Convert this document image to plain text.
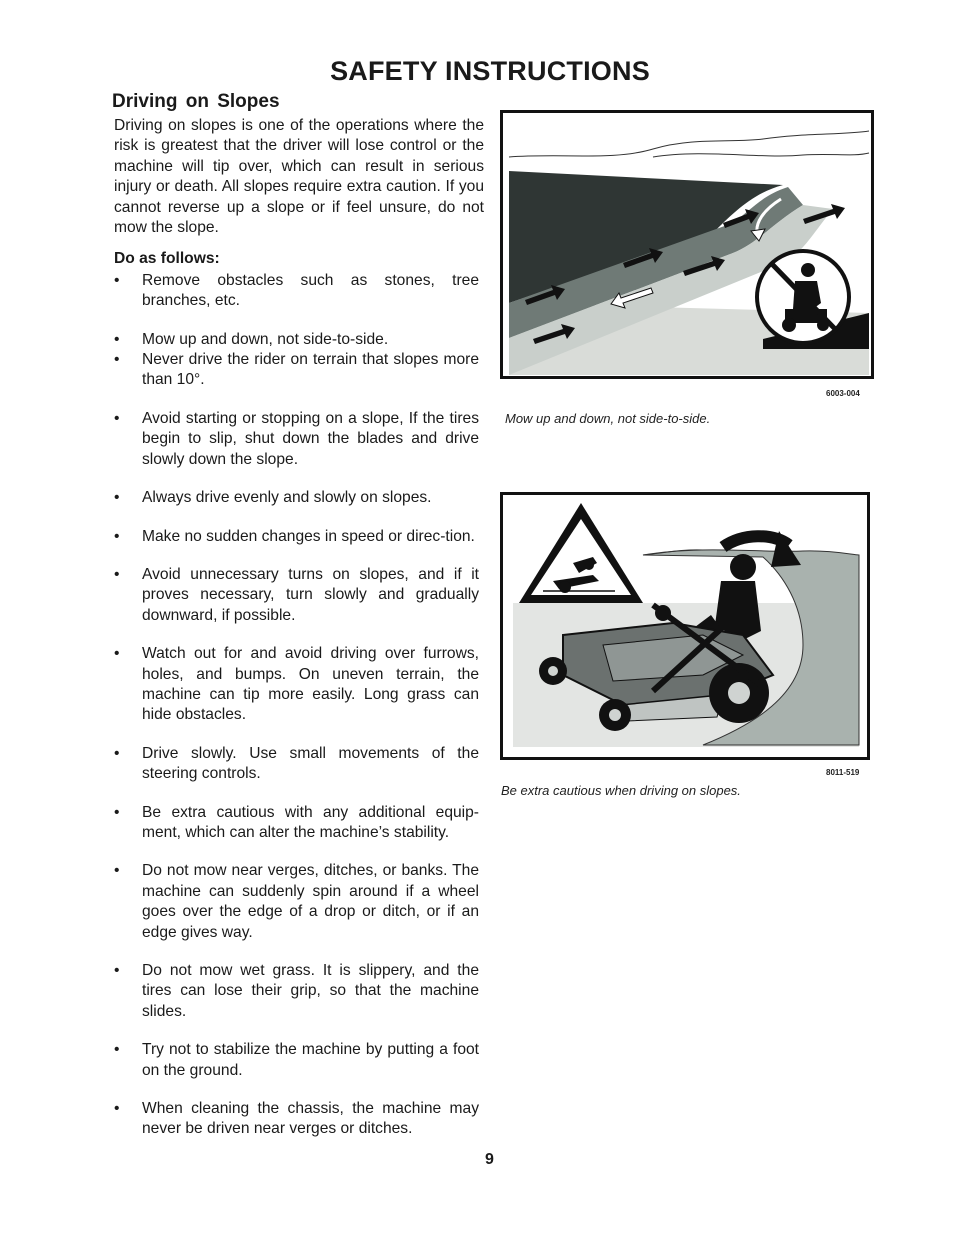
SAFETY INSTRUCTIONS
Driving on Slopes

Driving on slopes is one of the operations where the risk is greatest that the driver will lose control or the machine will tip over, which can result in serious injury or death. All slopes require extra caution. If you cannot reverse up a slope or if feel unsure, do not mow the slope.

Do as follows:

• Remove obstacles such as stones, tree branches, etc.
• Mow up and down, not side-to-side.
• Never drive the rider on terrain that slopes more than 10°.
• Avoid starting or stopping on a slope, If the tires begin to slip, shut down the blades and drive slowly down the slope.
• Always drive evenly and slowly on slopes.
• Make no sudden changes in speed or direc-tion.
• Avoid unnecessary turns on slopes, and if it proves necessary, turn slowly and gradually downward, if possible.
• Watch out for and avoid driving over furrows, holes, and bumps. On uneven terrain, the machine can tip more easily. Long grass can hide obstacles.
• Drive slowly. Use small movements of the steering controls.
• Be extra cautious with any additional equip-ment, which can alter the machine’s stability.
• Do not mow near verges, ditches, or banks. The machine can suddenly spin around if a wheel goes over the edge of a drop or ditch, or if an edge gives way.
• Do not mow wet grass. It is slippery, and the tires can lose their grip, so that the machine slides.
• Try not to stabilize the machine by putting a foot on the ground.
• When cleaning the chassis, the machine may never be driven near verges or ditches.
6003-004
Mow up and down, not side-to-side.
8011-519
Be extra cautious when driving on slopes.
9
